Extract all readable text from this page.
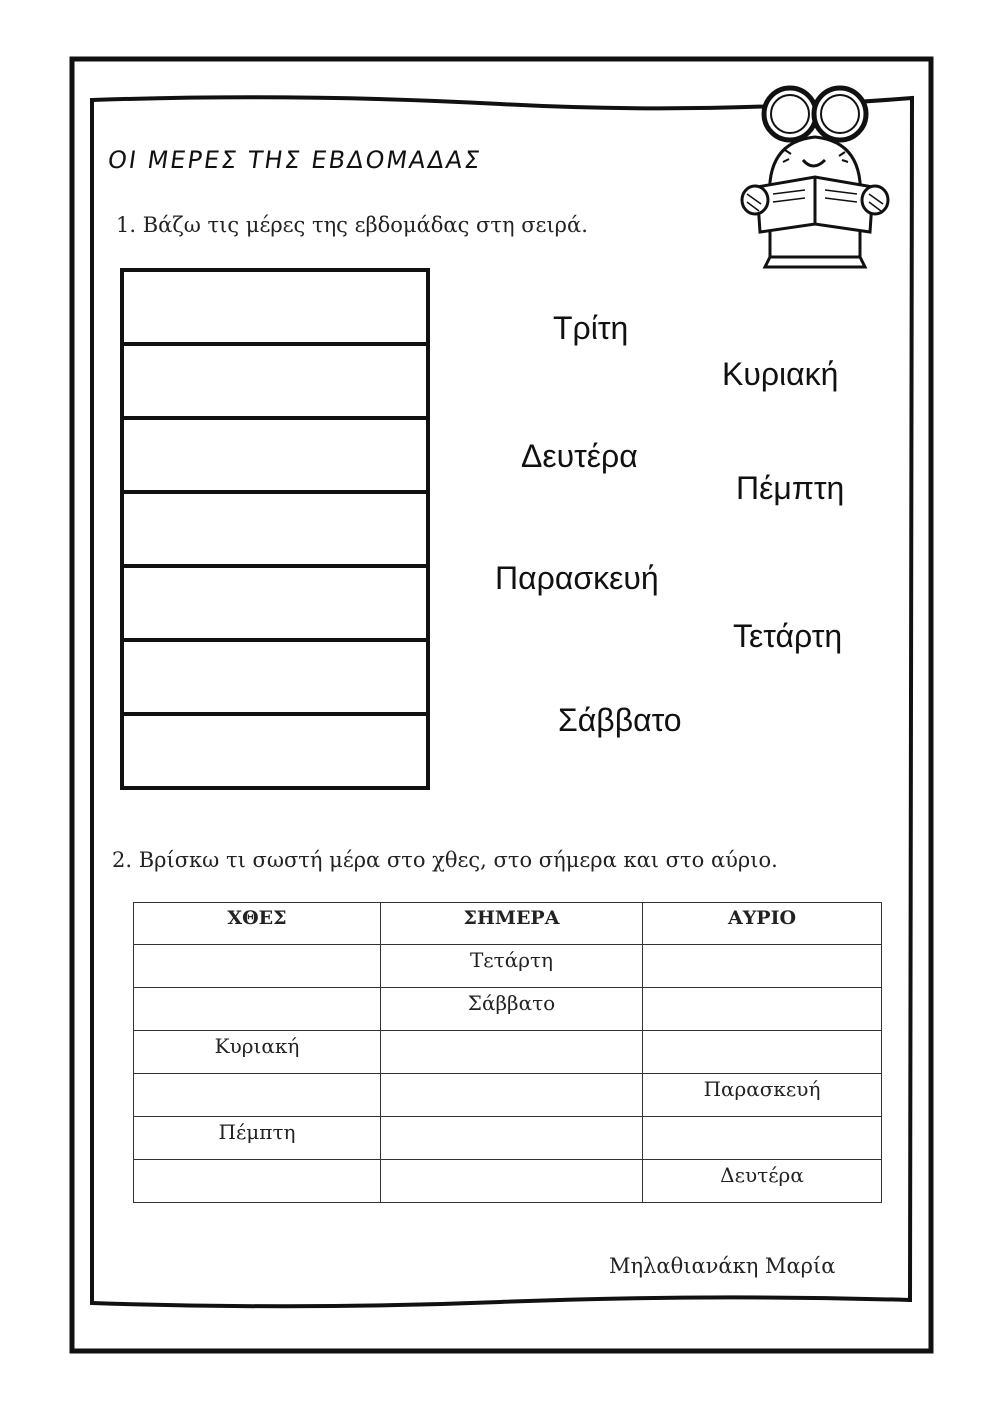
ΟΙ ΜΕΡΕΣ ΤΗΣ ΕΒΔΟΜΑΔΑΣ
1. Βάζω τις μέρες της εβδομάδας στη σειρά.
Τρίτη
Κυριακή
Δευτέρα
Πέμπτη
Παρασκευή
Τετάρτη
Σάββατο
2. Βρίσκω τι σωστή μέρα στο χθες, στο σήμερα και στο αύριο.
ΧΘΕΣ	ΣΗΜΕΡΑ	ΑΥΡΙΟ
	Τετάρτη	
	Σάββατο	
Κυριακή		
		Παρασκευή
Πέμπτη		
		Δευτέρα
Μηλαθιανάκη Μαρία
